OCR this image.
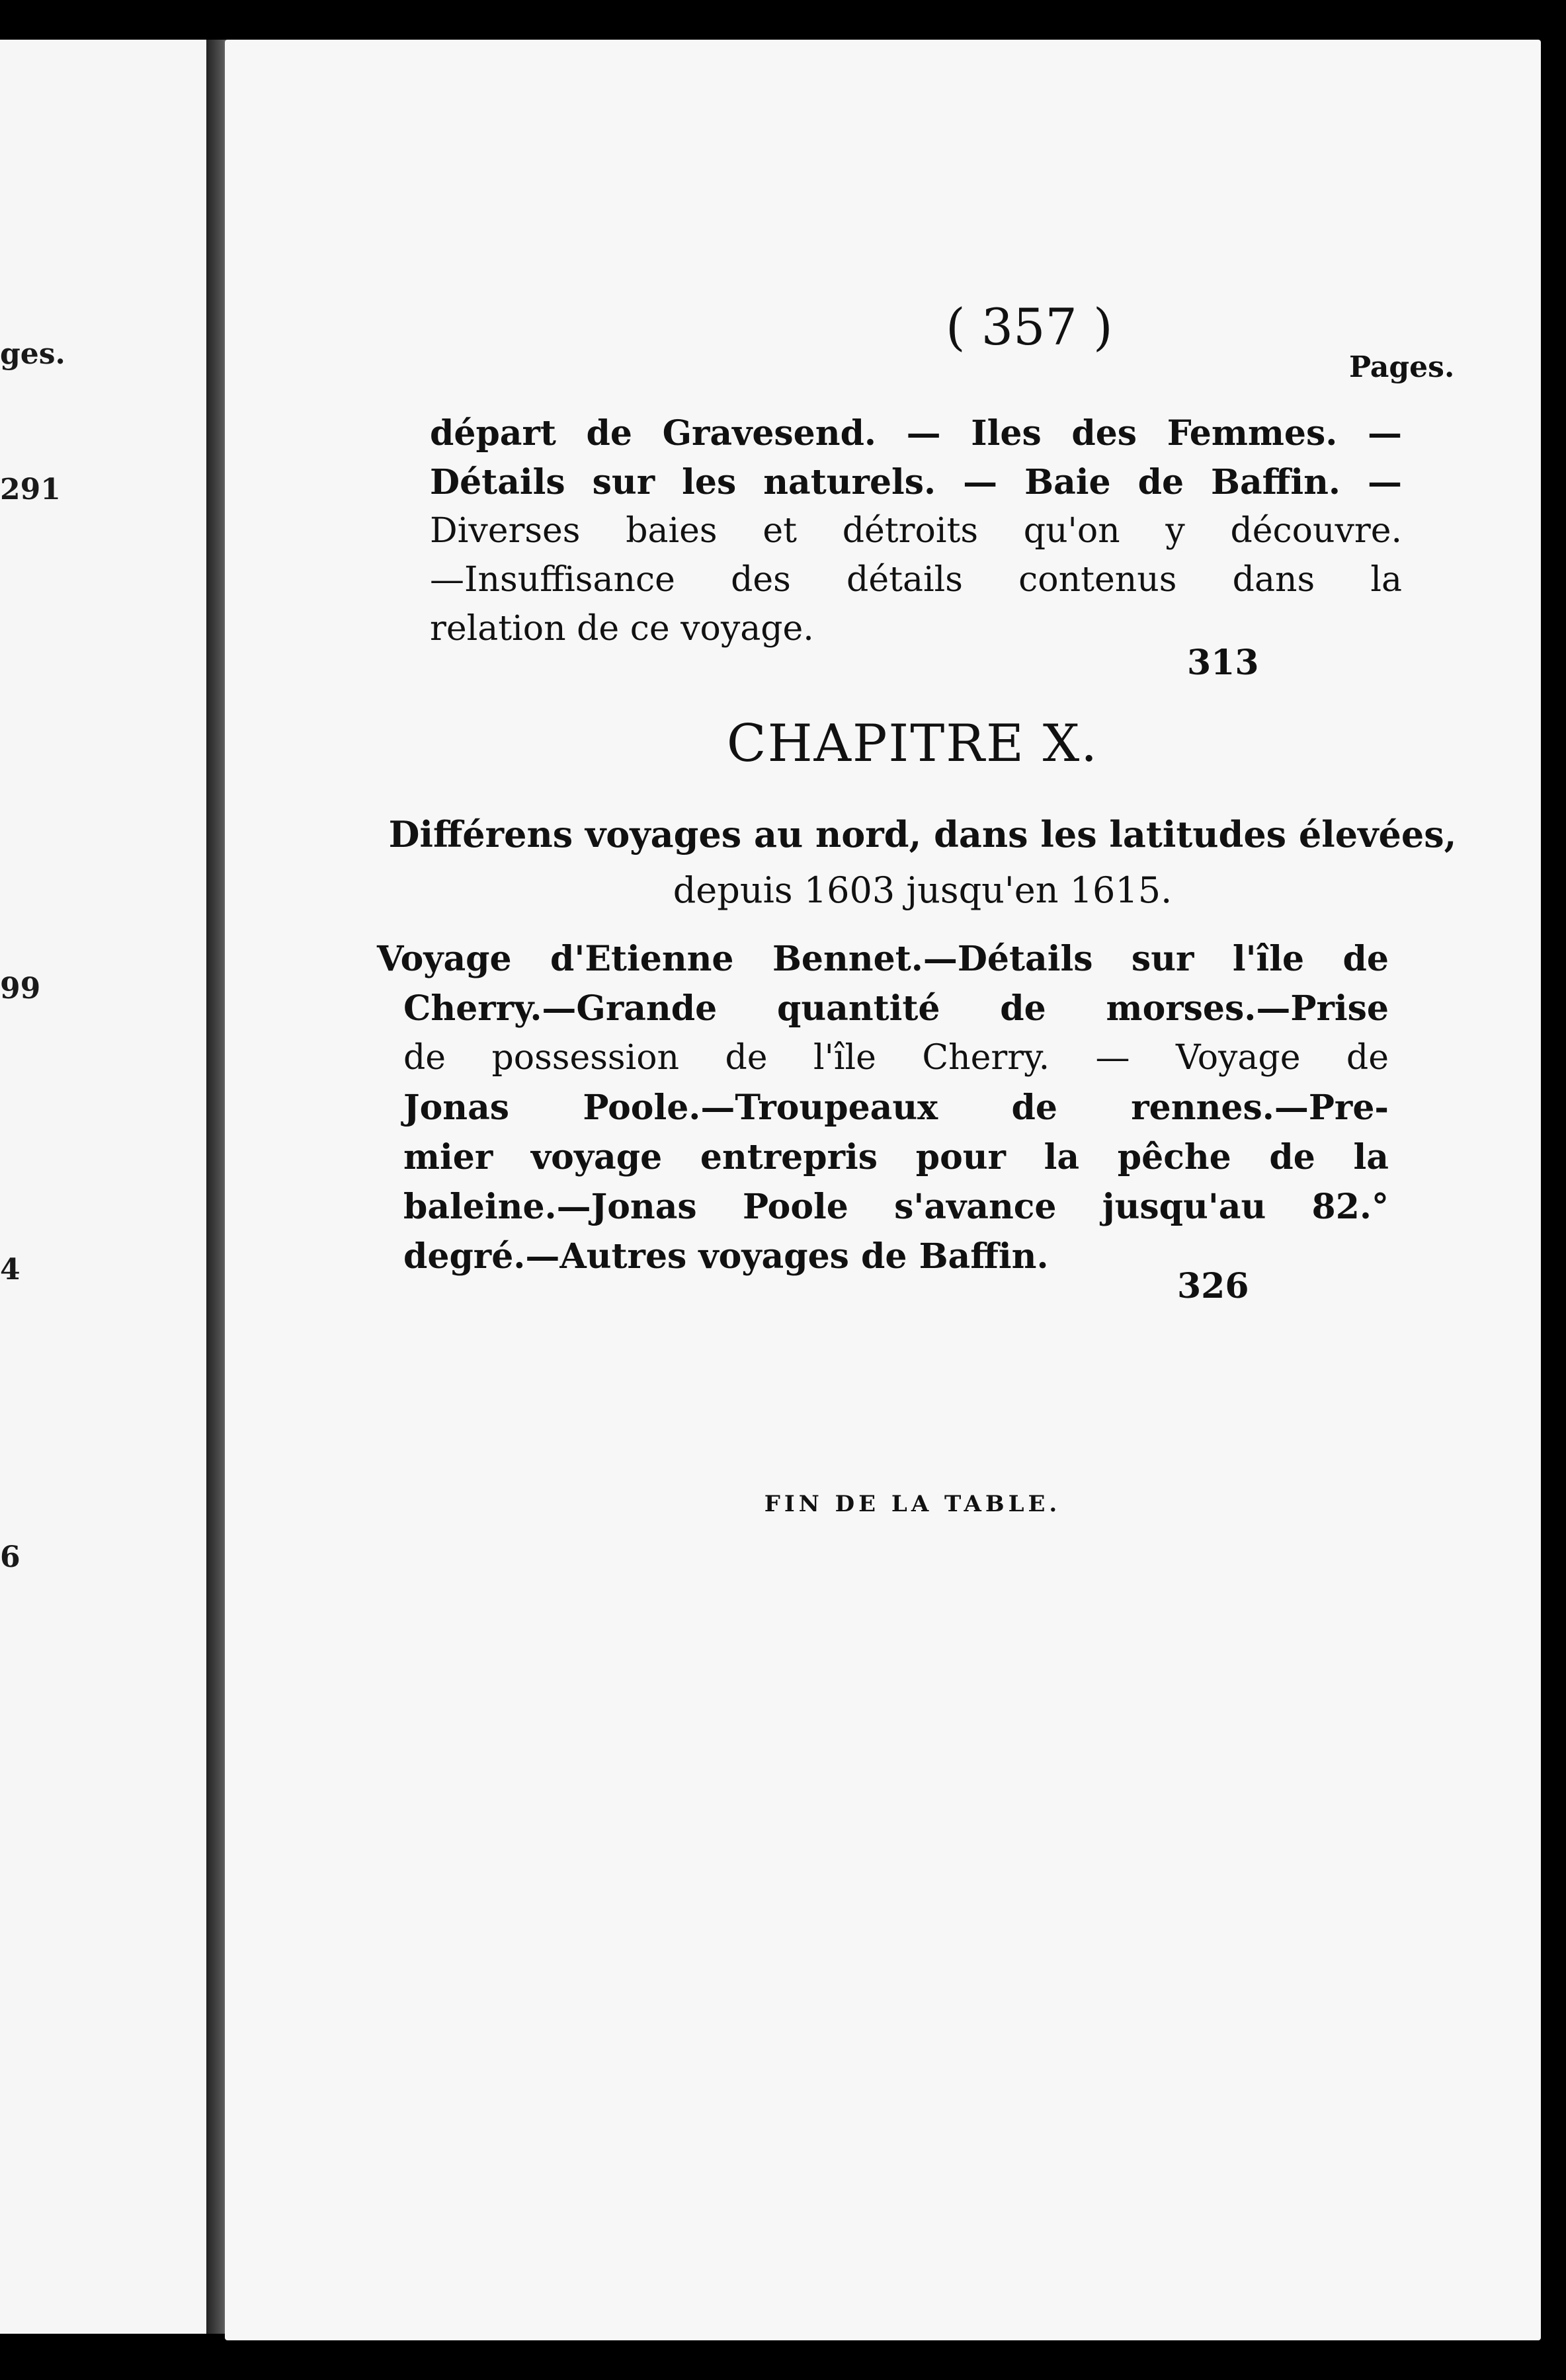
ges.
291
99
4
6
( 357 )
Pages.
départ de Gravesend. — Iles des Femmes. —
Détails sur les naturels. — Baie de Baffin. —
Diverses baies et détroits qu'on y découvre.
—Insuffisance des détails contenus dans la
relation de ce voyage.
313
CHAPITRE X.
Différens voyages au nord, dans les latitudes élevées,
depuis 1603 jusqu'en 1615.
Voyage d'Etienne Bennet.—Détails sur l'île de
Cherry.—Grande quantité de morses.—Prise
de possession de l'île Cherry. — Voyage de
Jonas Poole.—Troupeaux de rennes.—Pre-
mier voyage entrepris pour la pêche de la
baleine.—Jonas Poole s'avance jusqu'au 82.°
degré.—Autres voyages de Baffin.
326
FIN DE LA TABLE.
